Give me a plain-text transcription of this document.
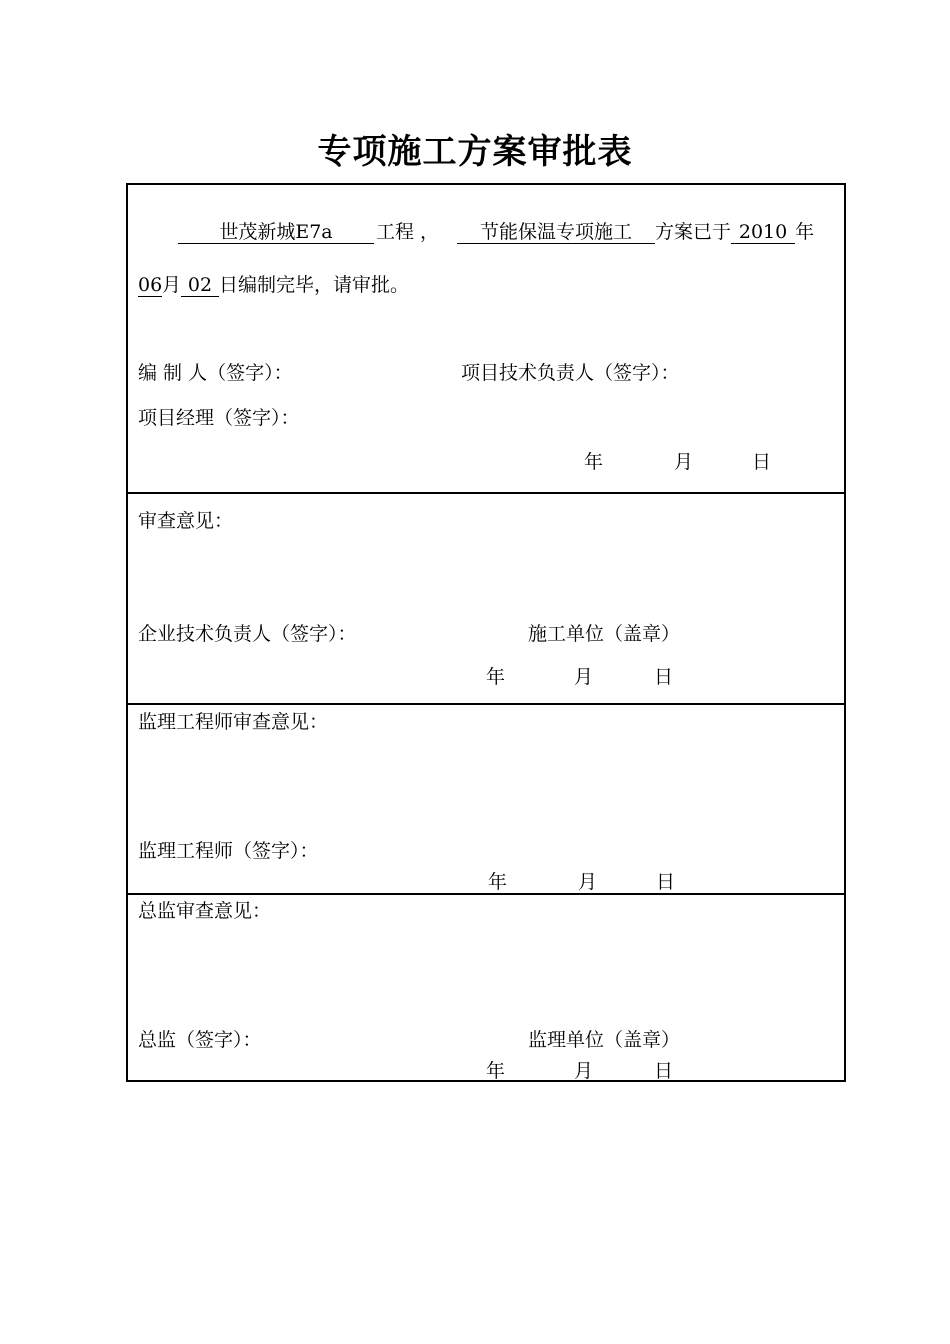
专项施工方案审批表
世茂新城E7a 工程 ， 节能保温专项施工 方案已于 2010 年
06月 02 日编制完毕，请审批。
编 制 人（签字）：	项目技术负责人（签字）：
项目经理（签字）：
年	月	日
审查意见：
企业技术负责人（签字）：	施工单位（盖章）
年	月	日
监理工程师审查意见：
监理工程师（签字）：
年	月	日
总监审查意见：
总监（签字）：	监理单位（盖章）
年	月	日
